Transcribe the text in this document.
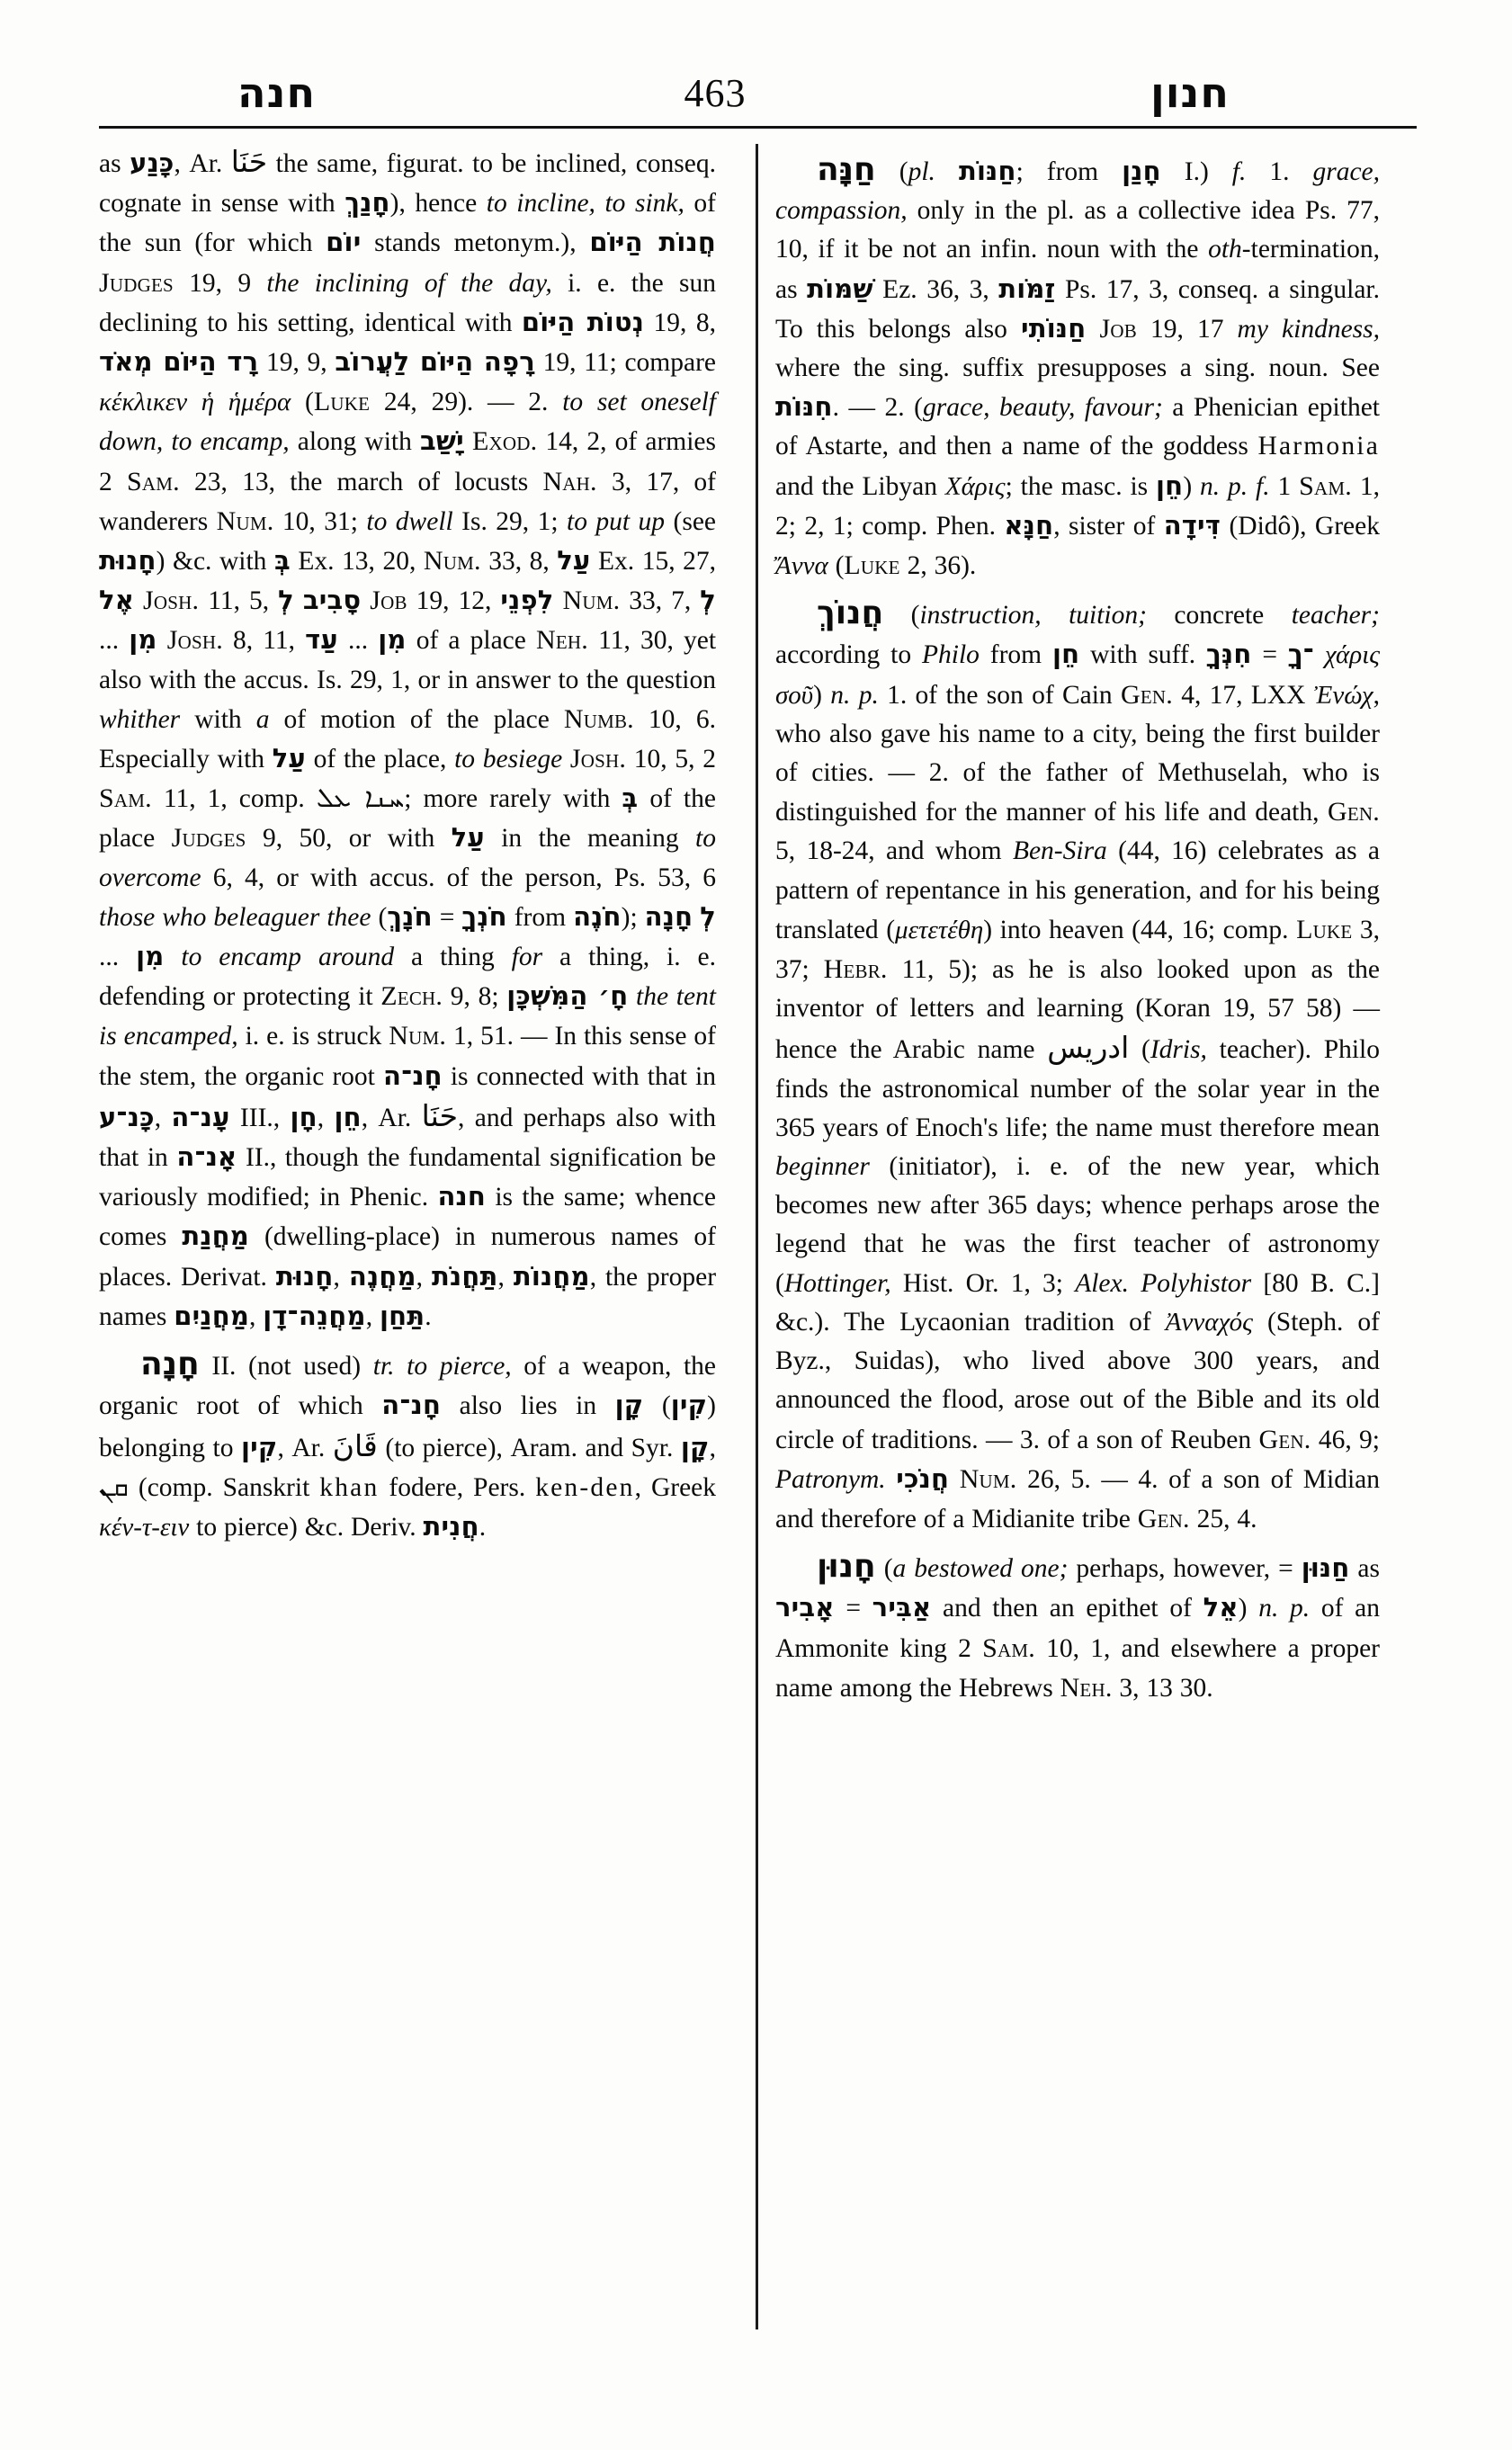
חנה	463	חנון

as כָּנַע, Ar. حَنَا the same, figurat. to be inclined, conseq. cognate in sense with חָנַךְ), hence to incline, to sink, of the sun (for which יוֹם stands metonym.), חֲנוֹת הַיּוֹם Judges 19, 9 the inclining of the day, i. e. the sun declining to his setting, identical with נְטוֹת הַיּוֹם 19, 8, רָד הַיּוֹם מְאֹד 19, 9, רָפָה הַיּוֹם לַעֲרוֹב 19, 11; compare κέκλικεν ἡ ἡμέρα (Luke 24, 29). — 2. to set oneself down, to encamp, along with יָשַׁב Exod. 14, 2, of armies 2 Sam. 23, 13, the march of locusts Nah. 3, 17, of wanderers Num. 10, 31; to dwell Is. 29, 1; to put up (see חָנוּת) &c. with בְּ Ex. 13, 20, Num. 33, 8, עַל Ex. 15, 27, אֶל Josh. 11, 5, לְ סָבִיב Job 19, 12, לִפְנֵי Num. 33, 7, לְ ... מִן Josh. 8, 11, עַד ... מִן of a place Neh. 11, 30, yet also with the accus. Is. 29, 1, or in answer to the question whither with a of motion of the place Numb. 10, 6. Especially with עַל of the place, to besiege Josh. 10, 5, 2 Sam. 11, 1, comp. ܚܢܐ ܥܠ; more rarely with בְּ of the place Judges 9, 50, or with עַל in the meaning to overcome 6, 4, or with accus. of the person, Ps. 53, 6 those who beleaguer thee (חֹנָךְ = חֹנְךָ from חֹנֶה); חָנָה לְ ... מִן to encamp around a thing for a thing, i. e. defending or protecting it Zech. 9, 8; חָ׳ הַמִּשְׁכָּן the tent is encamped, i. e. is struck Num. 1, 51. — In this sense of the stem, the organic root חָנ־ה is connected with that in כָּנ־ע, עָנ־ה III., חָן, חֵן, Ar. حَنَا, and perhaps also with that in אָנ־ה II., though the fundamental signification be variously modified; in Phenic. חנה is the same; whence comes מַחֲנַת (dwelling-place) in numerous names of places. Derivat. חָנוּת, מַחֲנֶה, תַּחֲנֹת, מַחֲנוֹת, the proper names מַחֲנַיִם, מַחֲנֵה־דָן, תַּחַן.

חָנָה II. (not used) tr. to pierce, of a weapon, the organic root of which חָנ־ה also lies in קָן (קִין) belonging to קִין, Ar. قَانَ (to pierce), Aram. and Syr. קָן, ܩܢ (comp. Sanskrit khan fodere, Pers. ken-den, Greek κέν-τ-ειν to pierce) &c. Deriv. חֲנִית.

חַנָּה (pl. חַנּוֹת; from חָנַן I.) f. 1. grace, compassion, only in the pl. as a collective idea Ps. 77, 10, if it be not an infin. noun with the oth-termination, as שַׁמּוֹת Ez. 36, 3, זַמֹּות Ps. 17, 3, conseq. a singular. To this belongs also חַנּוֹתִי Job 19, 17 my kindness, where the sing. suffix presupposes a sing. noun. See חִנּוֹת. — 2. (grace, beauty, favour; a Phenician epithet of Astarte, and then a name of the goddess Harmonia and the Libyan Χάρις; the masc. is חֵן) n. p. f. 1 Sam. 1, 2; 2, 1; comp. Phen. חַנָּא, sister of דִּידָה (Didô), Greek Ἄννα (Luke 2, 36).

חֲנוֹךְ (instruction, tuition; concrete teacher; according to Philo from חֵן with suff. חִנְּךָ = ־ךָ χάρις σοῦ) n. p. 1. of the son of Cain Gen. 4, 17, LXX Ἐνώχ, who also gave his name to a city, being the first builder of cities. — 2. of the father of Methuselah, who is distinguished for the manner of his life and death, Gen. 5, 18-24, and whom Ben-Sira (44, 16) celebrates as a pattern of repentance in his generation, and for his being translated (μετετέθη) into heaven (44, 16; comp. Luke 3, 37; Hebr. 11, 5); as he is also looked upon as the inventor of letters and learning (Koran 19, 57 58) — hence the Arabic name ادريس (Idris, teacher). Philo finds the astronomical number of the solar year in the 365 years of Enoch's life; the name must therefore mean beginner (initiator), i. e. of the new year, which becomes new after 365 days; whence perhaps arose the legend that he was the first teacher of astronomy (Hottinger, Hist. Or. 1, 3; Alex. Polyhistor [80 B. C.] &c.). The Lycaonian tradition of Ἀνναχός (Steph. of Byz., Suidas), who lived above 300 years, and announced the flood, arose out of the Bible and its old circle of traditions. — 3. of a son of Reuben Gen. 46, 9; Patronym. חֲנֹכִי Num. 26, 5. — 4. of a son of Midian and therefore of a Midianite tribe Gen. 25, 4.

חָנוּן (a bestowed one; perhaps, however, = חַנּוּן as אָבִיר = אַבִּיר and then an epithet of אֵל) n. p. of an Ammonite king 2 Sam. 10, 1, and elsewhere a proper name among the Hebrews Neh. 3, 13 30.
